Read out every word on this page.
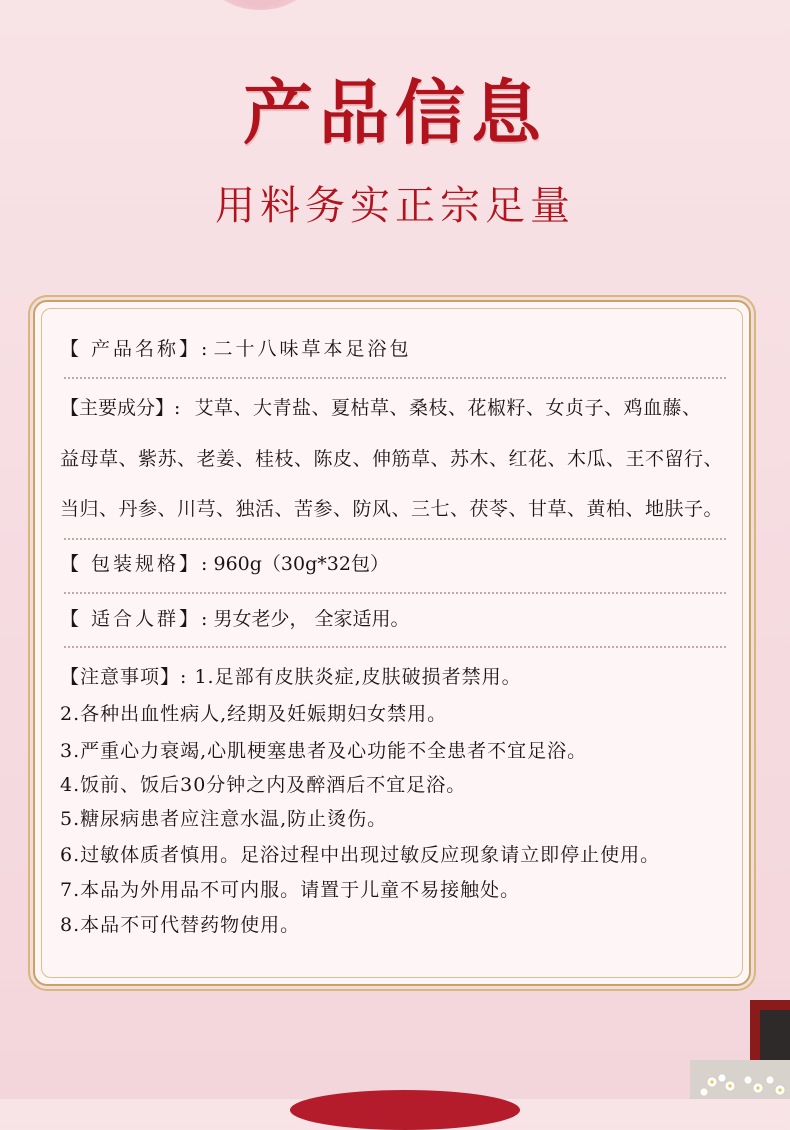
产品信息
用料务实正宗足量
【 产品名称】: 二十八味草本足浴包
【主要成分】: 艾草、大青盐、夏枯草、桑枝、花椒籽、女贞子、鸡血藤、
益母草、紫苏、老姜、桂枝、陈皮、伸筋草、苏木、红花、木瓜、王不留行、
当归、丹参、川芎、独活、苦参、防风、三七、茯苓、甘草、黄柏、地肤子。
【 包装规格】: 960g（30g*32包）
【 适合人群】: 男女老少， 全家适用。
【注意事项】: 1.足部有皮肤炎症,皮肤破损者禁用。
2.各种出血性病人,经期及妊娠期妇女禁用。
3.严重心力衰竭,心肌梗塞患者及心功能不全患者不宜足浴。
4.饭前、饭后30分钟之内及醉酒后不宜足浴。
5.糖尿病患者应注意水温,防止烫伤。
6.过敏体质者慎用。足浴过程中出现过敏反应现象请立即停止使用。
7.本品为外用品不可内服。请置于儿童不易接触处。
8.本品不可代替药物使用。
